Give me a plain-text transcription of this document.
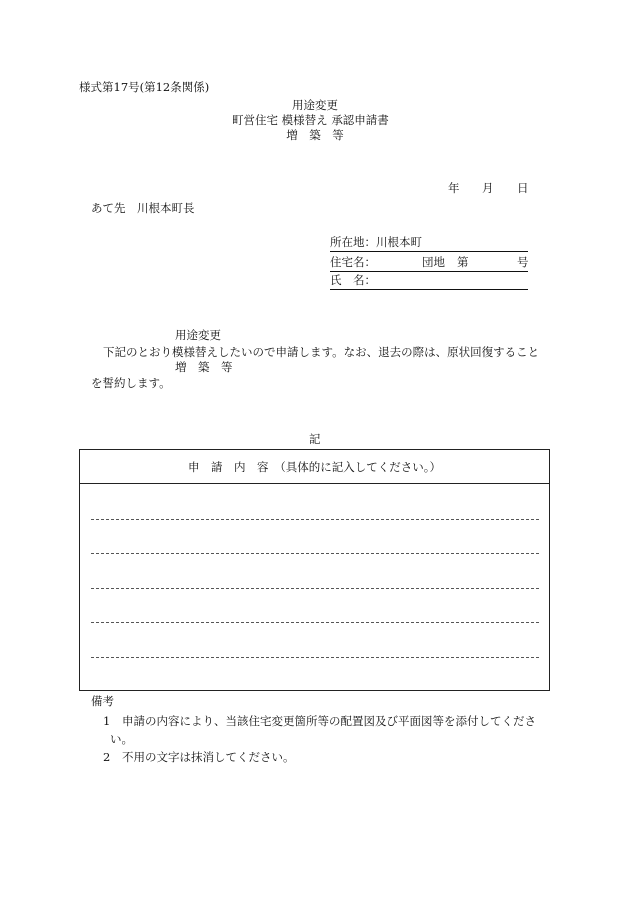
様式第17号(第12条関係)
用途変更
町営住宅 模様替え 承認申請書
増　築　等
年 月 日
あて先　川根本町長
所在地： 川根本町
住宅名：	団地 第	号
氏　名：
用途変更
下記のとおり模様替えしたいので申請します。なお、退去の際は、原状回復すること
増　築　等
を誓約します。
記
申　請　内　容　（具体的に記入してください。）
備考
1 申請の内容により、当該住宅変更箇所等の配置図及び平面図等を添付してくださ
い。
2 不用の文字は抹消してください。
